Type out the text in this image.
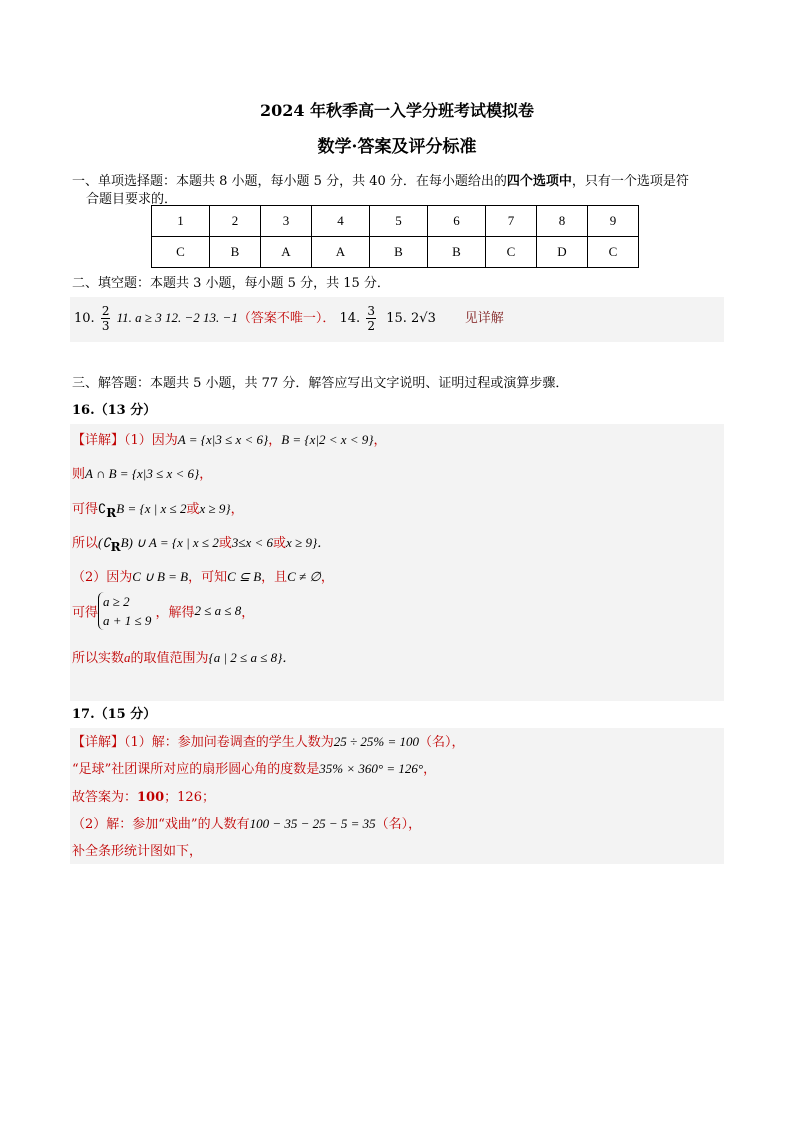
2024 年秋季高一入学分班考试模拟卷
数学·答案及评分标准
一、单项选择题：本题共 8 小题，每小题 5 分，共 40 分．在每小题给出的四个选项中，只有一个选项是符
合题目要求的．
1	2	3	4	5	6	7	8	9
C	B	A	A	B	B	C	D	C
二、填空题：本题共 3 小题，每小题 5 分，共 15 分．
10. $\frac{2}{3} 11$. a ≥ 3 12. −2 13. −1（答案不唯一）． 14. $\frac{3}{2} 15$. 2√3 见详解
三、解答题：本题共 5 小题，共 77 分．解答应写出文字说明、证明过程或演算步骤．
16.（13 分）
【详解】（1）因为A = {x|3 ≤ x < 6}，B = {x|2 < x < 9}，
则A ∩ B = {x|3 ≤ x < 6}，
可得∁RB = {x | x ≤ 2或x ≥ 9}，
所以(∁RB) ∪ A = {x | x ≤ 2或3≤x < 6或x ≥ 9}．
（2）因为C ∪ B = B，可知C ⊆ B，且C ≠ ∅，
可得
a ≥ 2
a + 1 ≤ 9 ，解得2 ≤ a ≤ 8，
所以实数a的取值范围为{a | 2 ≤ a ≤ 8}．
17.（15 分）
【详解】（1）解：参加问卷调查的学生人数为25 ÷ 25% = 100（名），
“足球”社团课所对应的扇形圆心角的度数是35% × 360° = 126°，
故答案为：100；126；
（2）解：参加“戏曲”的人数有100 − 35 − 25 − 5 = 35（名），
补全条形统计图如下，
